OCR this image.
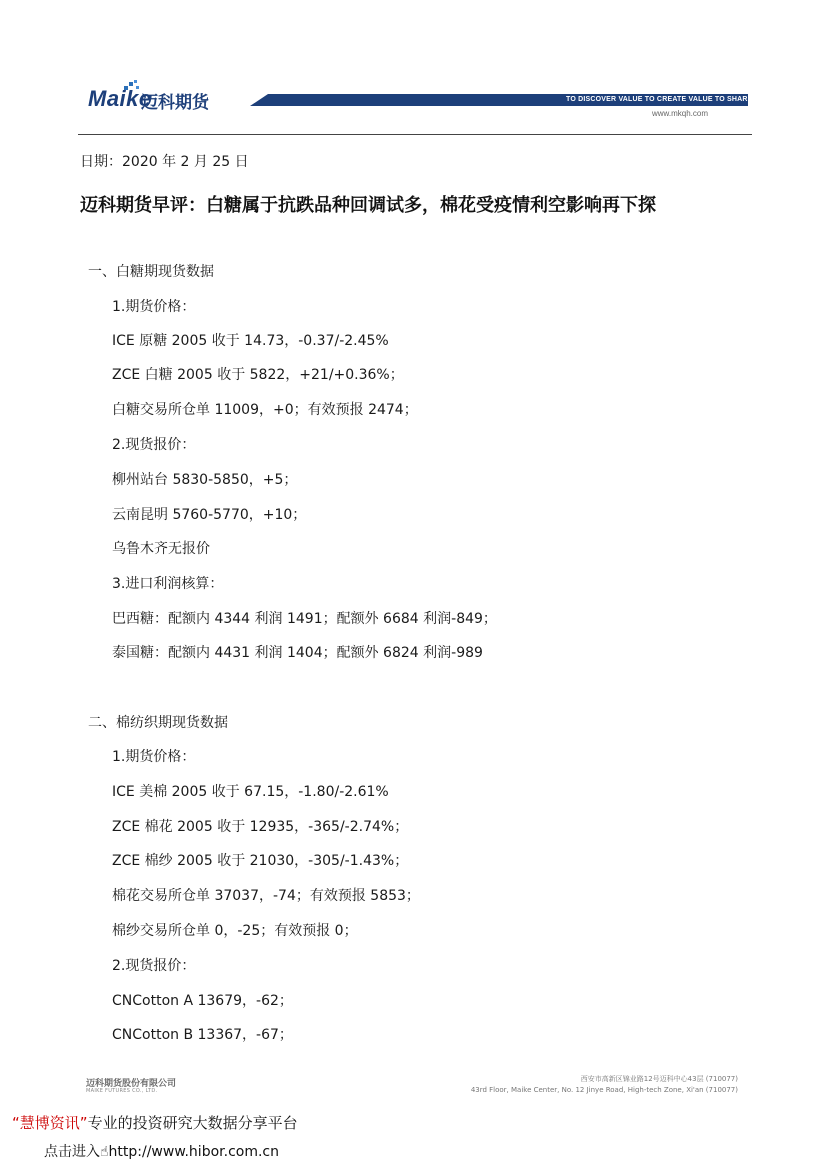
Maike
迈科期货	TO DISCOVER VALUE TO CREATE VALUE TO SHARE VALUE
www.mkqh.com
日期：2020 年 2 月 25 日
迈科期货早评：白糖属于抗跌品种回调试多，棉花受疫情利空影响再下探
一、白糖期现货数据
1.期货价格：
ICE 原糖 2005 收于 14.73，-0.37/-2.45%
ZCE 白糖 2005 收于 5822，+21/+0.36%；
白糖交易所仓单 11009，+0；有效预报 2474；
2.现货报价：
柳州站台 5830-5850，+5；
云南昆明 5760-5770，+10；
乌鲁木齐无报价
3.进口利润核算：
巴西糖：配额内 4344 利润 1491；配额外 6684 利润-849；
泰国糖：配额内 4431 利润 1404；配额外 6824 利润-989
二、棉纺织期现货数据
1.期货价格：
ICE 美棉 2005 收于 67.15，-1.80/-2.61%
ZCE 棉花 2005 收于 12935，-365/-2.74%；
ZCE 棉纱 2005 收于 21030，-305/-1.43%；
棉花交易所仓单 37037，-74；有效预报 5853；
棉纱交易所仓单 0，-25；有效预报 0；
2.现货报价：
CNCotton A 13679，-62；
CNCotton B 13367，-67；
迈科期货股份有限公司
MAIKE FUTURES CO., LTD.
西安市高新区锦业路12号迈科中心43层 (710077)
43rd Floor, Maike Center, No. 12 Jinye Road, High-tech Zone, Xi'an (710077)
“慧博资讯”专业的投资研究大数据分享平台
点击进入☝http://www.hibor.com.cn
